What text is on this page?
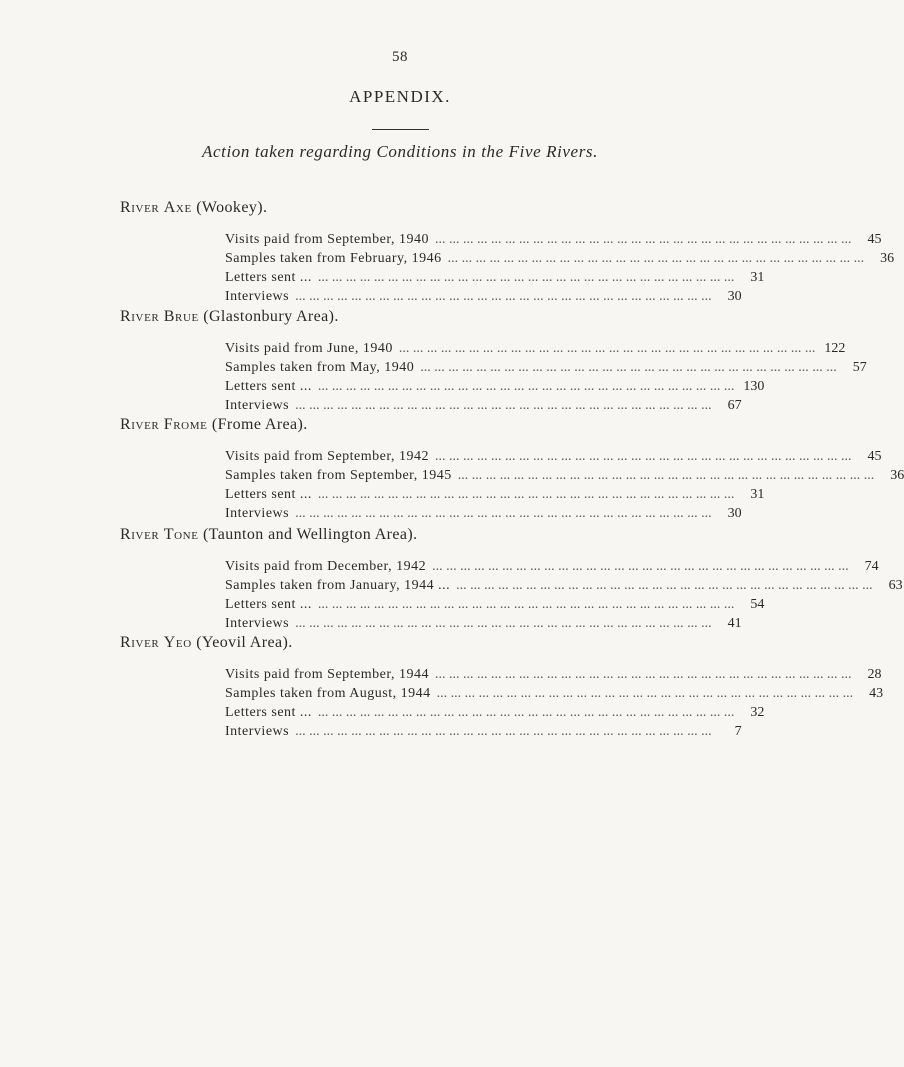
58
APPENDIX.
Action taken regarding Conditions in the Five Rivers.
River Axe (Wookey).
Visits paid from September, 1940 ... ... ... ... ... ... ... ... ... ... ... ... ... ... ... ... ... ... ... ... ... ... ... ... ... ... ... ... ... ...	45
Samples taken from February, 1946 ... ... ... ... ... ... ... ... ... ... ... ... ... ... ... ... ... ... ... ... ... ... ... ... ... ... ... ... ... ...	36
Letters sent ... ... ... ... ... ... ... ... ... ... ... ... ... ... ... ... ... ... ... ... ... ... ... ... ... ... ... ... ... ... ...	31
Interviews ... ... ... ... ... ... ... ... ... ... ... ... ... ... ... ... ... ... ... ... ... ... ... ... ... ... ... ... ... ...	30
River Brue (Glastonbury Area).
Visits paid from June, 1940 ... ... ... ... ... ... ... ... ... ... ... ... ... ... ... ... ... ... ... ... ... ... ... ... ... ... ... ... ... ... 122
Samples taken from May, 1940 ... ... ... ... ... ... ... ... ... ... ... ... ... ... ... ... ... ... ... ... ... ... ... ... ... ... ... ... ... ...	57
Letters sent ... ... ... ... ... ... ... ... ... ... ... ... ... ... ... ... ... ... ... ... ... ... ... ... ... ... ... ... ... ... ... 130
Interviews ... ... ... ... ... ... ... ... ... ... ... ... ... ... ... ... ... ... ... ... ... ... ... ... ... ... ... ... ... ...	67
River Frome (Frome Area).
Visits paid from September, 1942 ... ... ... ... ... ... ... ... ... ... ... ... ... ... ... ... ... ... ... ... ... ... ... ... ... ... ... ... ... ...	45
Samples taken from September, 1945 ... ... ... ... ... ... ... ... ... ... ... ... ... ... ... ... ... ... ... ... ... ... ... ... ... ... ... ... ... ...	36
Letters sent ... ... ... ... ... ... ... ... ... ... ... ... ... ... ... ... ... ... ... ... ... ... ... ... ... ... ... ... ... ... ...	31
Interviews ... ... ... ... ... ... ... ... ... ... ... ... ... ... ... ... ... ... ... ... ... ... ... ... ... ... ... ... ... ...	30
River Tone (Taunton and Wellington Area).
Visits paid from December, 1942 ... ... ... ... ... ... ... ... ... ... ... ... ... ... ... ... ... ... ... ... ... ... ... ... ... ... ... ... ... ...	74
Samples taken from January, 1944 ... ... ... ... ... ... ... ... ... ... ... ... ... ... ... ... ... ... ... ... ... ... ... ... ... ... ... ... ... ... ...	63
Letters sent ... ... ... ... ... ... ... ... ... ... ... ... ... ... ... ... ... ... ... ... ... ... ... ... ... ... ... ... ... ... ...	54
Interviews ... ... ... ... ... ... ... ... ... ... ... ... ... ... ... ... ... ... ... ... ... ... ... ... ... ... ... ... ... ...	41
River Yeo (Yeovil Area).
Visits paid from September, 1944 ... ... ... ... ... ... ... ... ... ... ... ... ... ... ... ... ... ... ... ... ... ... ... ... ... ... ... ... ... ...	28
Samples taken from August, 1944 ... ... ... ... ... ... ... ... ... ... ... ... ... ... ... ... ... ... ... ... ... ... ... ... ... ... ... ... ... ...	43
Letters sent ... ... ... ... ... ... ... ... ... ... ... ... ... ... ... ... ... ... ... ... ... ... ... ... ... ... ... ... ... ... ...	32
Interviews ... ... ... ... ... ... ... ... ... ... ... ... ... ... ... ... ... ... ... ... ... ... ... ... ... ... ... ... ... ...	7
